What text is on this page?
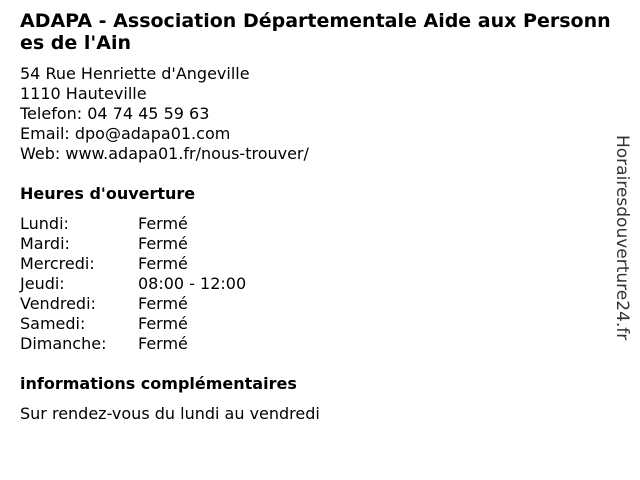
ADAPA - Association Départementale Aide aux Personnes de l'Ain
54 Rue Henriette d'Angeville
1110 Hauteville
Telefon: 04 74 45 59 63
Email: dpo@adapa01.com
Web: www.adapa01.fr/nous-trouver/
Heures d'ouverture
Lundi:	Fermé
Mardi:	Fermé
Mercredi:	Fermé
Jeudi:	08:00 - 12:00
Vendredi:	Fermé
Samedi:	Fermé
Dimanche:	Fermé
informations complémentaires
Sur rendez-vous du lundi au vendredi
Horairesdouverture24.fr
